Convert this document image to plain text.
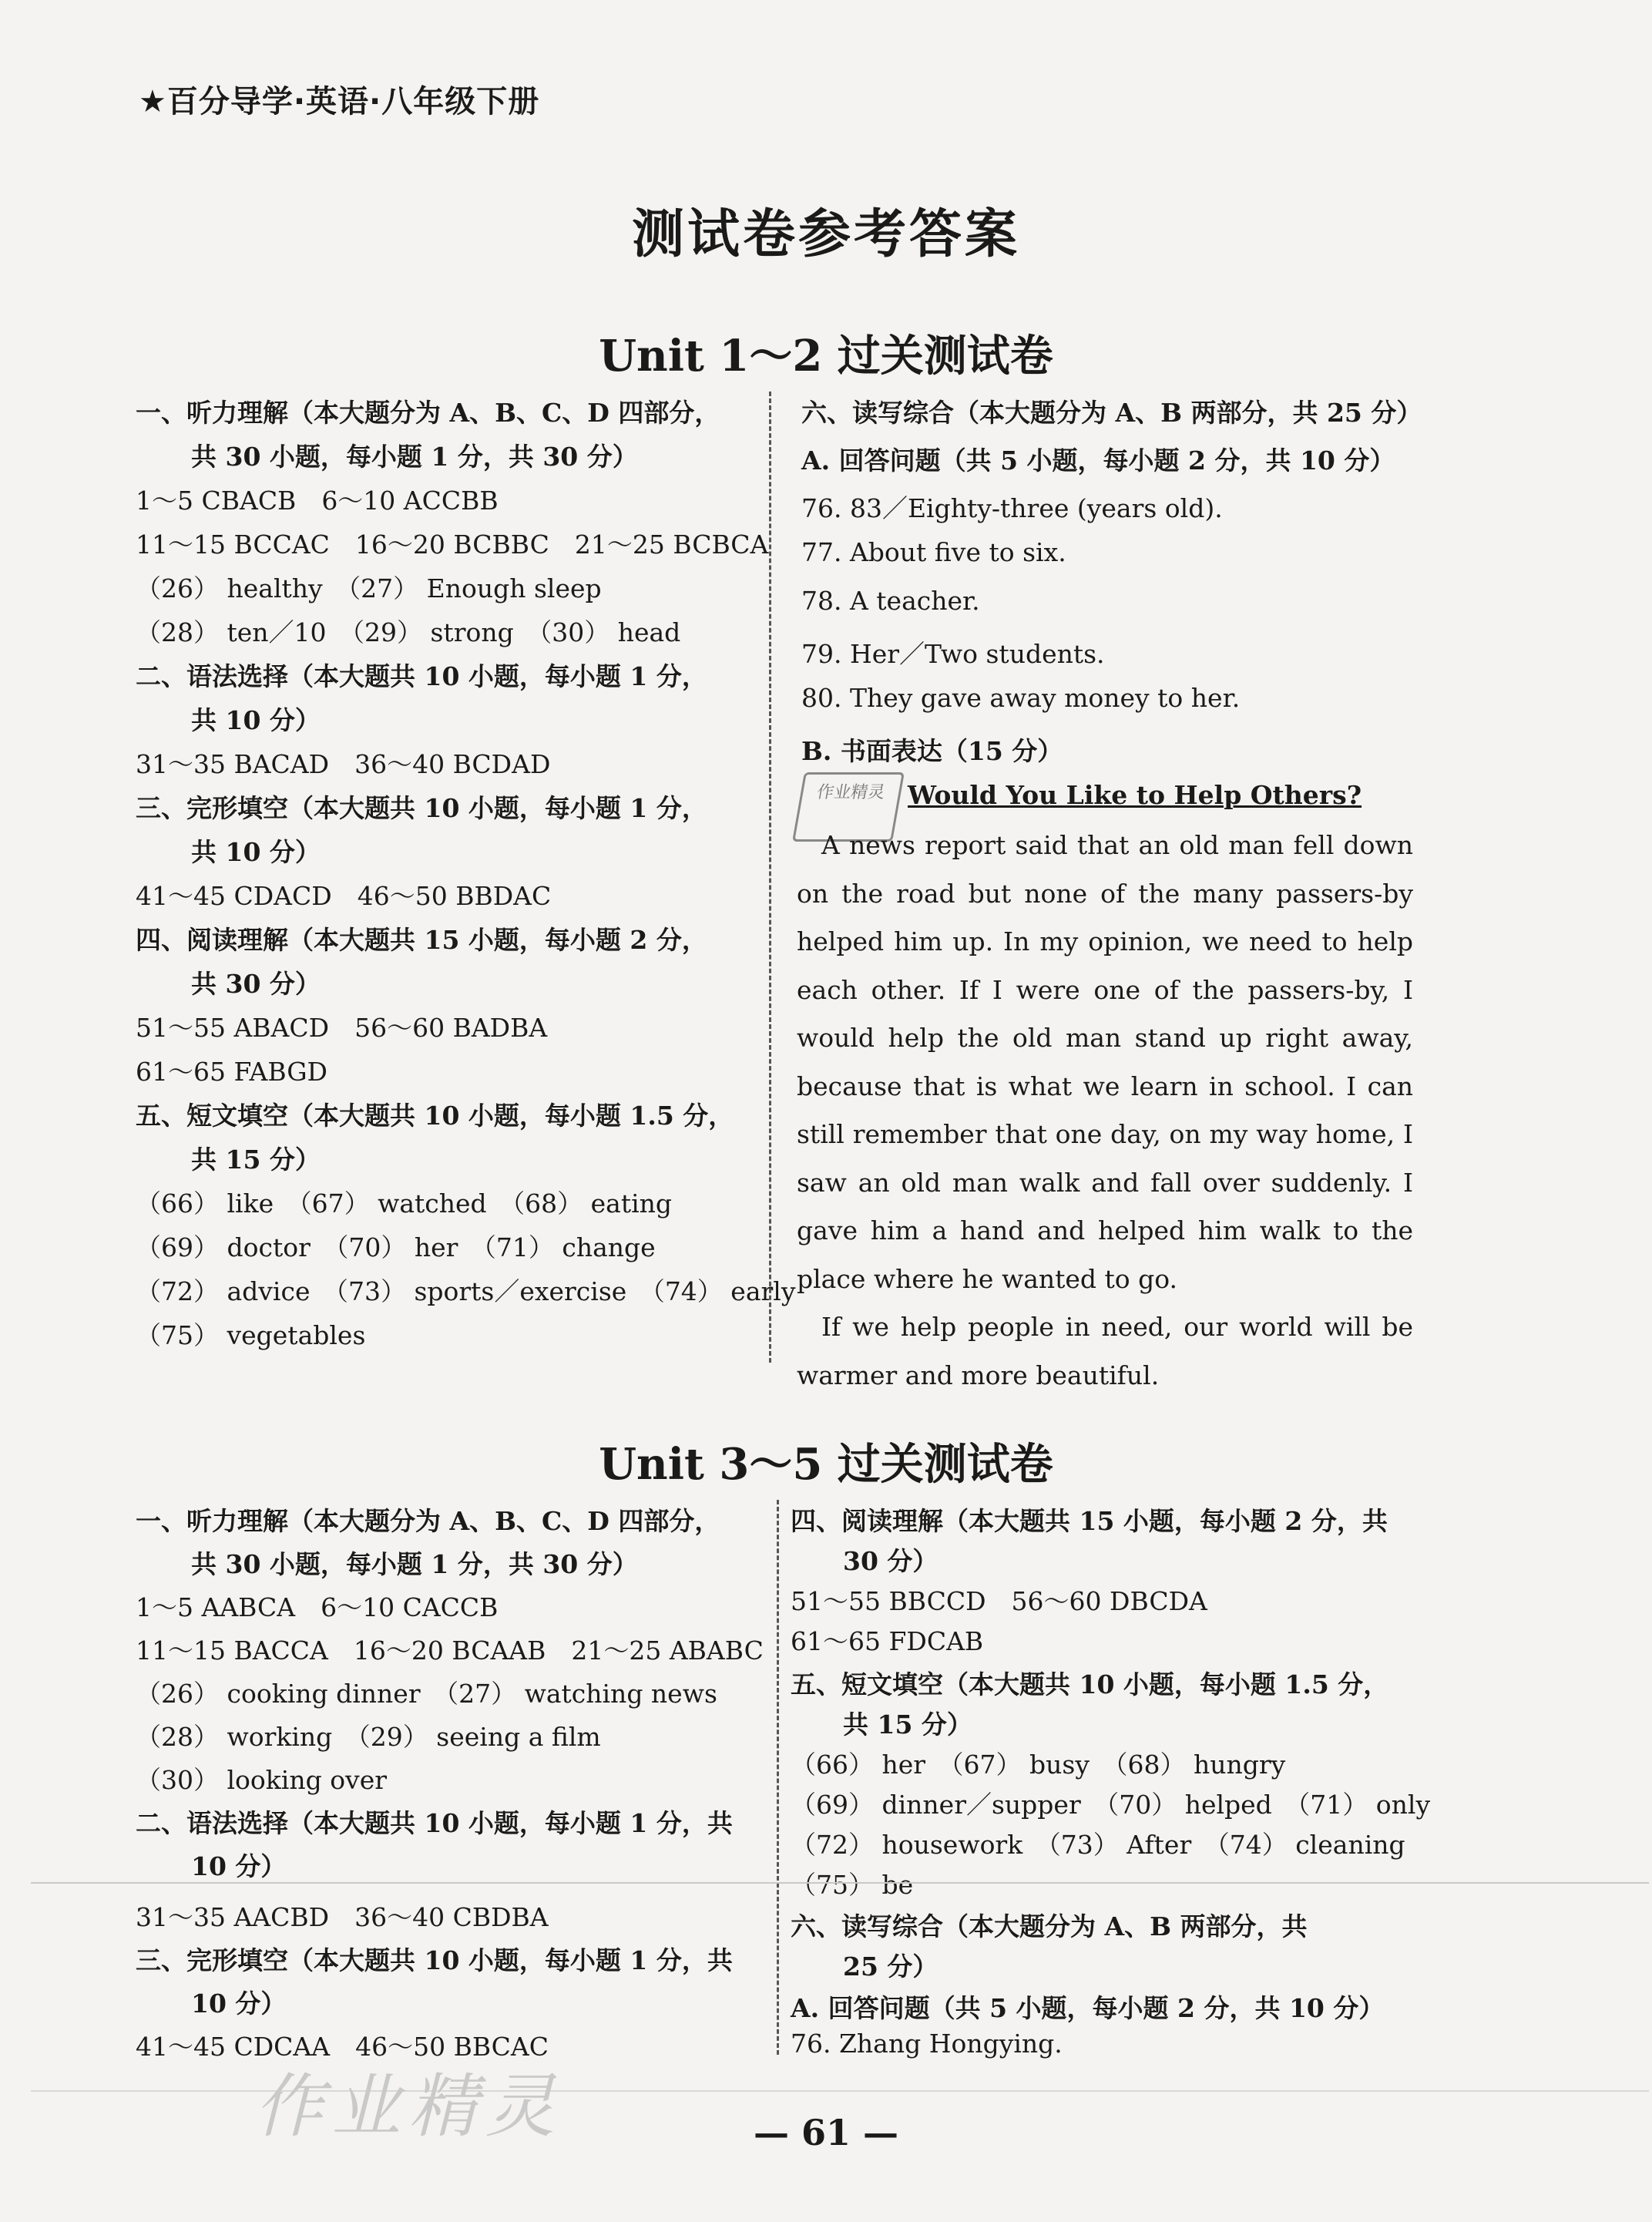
★百分导学·英语·八年级下册
测试卷参考答案
Unit 1～2 过关测试卷
一、听力理解（本大题分为 A、B、C、D 四部分，
共 30 小题，每小题 1 分，共 30 分）
1～5 CBACB　6～10 ACCBB
11～15 BCCAC　16～20 BCBBC　21～25 BCBCA
（26） healthy　（27） Enough sleep
（28） ten／10　（29） strong　（30） head
二、语法选择（本大题共 10 小题，每小题 1 分，
共 10 分）
31～35 BACAD　36～40 BCDAD
三、完形填空（本大题共 10 小题，每小题 1 分，
共 10 分）
41～45 CDACD　46～50 BBDAC
四、阅读理解（本大题共 15 小题，每小题 2 分，
共 30 分）
51～55 ABACD　56～60 BADBA
61～65 FABGD
五、短文填空（本大题共 10 小题，每小题 1.5 分，
共 15 分）
（66） like　（67） watched　（68） eating
（69） doctor　（70） her　（71） change
（72） advice　（73） sports／exercise　（74） early
（75） vegetables
六、读写综合（本大题分为 A、B 两部分，共 25 分）
A. 回答问题（共 5 小题，每小题 2 分，共 10 分）
76. 83／Eighty-three (years old).
77. About five to six.
78. A teacher.
79. Her／Two students.
80. They gave away money to her.
B. 书面表达（15 分）
作业精灵 Would You Like to Help Others?

A news report said that an old man fell down on the road but none of the many passers-by helped him up. In my opinion, we need to help each other. If I were one of the passers-by, I would help the old man stand up right away, because that is what we learn in school. I can still remember that one day, on my way home, I saw an old man walk and fall over suddenly. I gave him a hand and helped him walk to the place where he wanted to go.

If we help people in need, our world will be warmer and more beautiful.

Unit 3～5 过关测试卷
一、听力理解（本大题分为 A、B、C、D 四部分，
共 30 小题，每小题 1 分，共 30 分）
1～5 AABCA　6～10 CACCB
11～15 BACCA　16～20 BCAAB　21～25 ABABC
（26） cooking dinner　（27） watching news
（28） working　（29） seeing a film
（30） looking over
二、语法选择（本大题共 10 小题，每小题 1 分，共
10 分）
31～35 AACBD　36～40 CBDBA
三、完形填空（本大题共 10 小题，每小题 1 分，共
10 分）
41～45 CDCAA　46～50 BBCAC
四、阅读理解（本大题共 15 小题，每小题 2 分，共
30 分）
51～55 BBCCD　56～60 DBCDA
61～65 FDCAB
五、短文填空（本大题共 10 小题，每小题 1.5 分，
共 15 分）
（66） her　（67） busy　（68） hungry
（69） dinner／supper　（70） helped　（71） only
（72） housework　（73） After　（74） cleaning
（75） be
六、读写综合（本大题分为 A、B 两部分，共
25 分）
A. 回答问题（共 5 小题，每小题 2 分，共 10 分）
76. Zhang Hongying.
作业精灵	— 61 —
